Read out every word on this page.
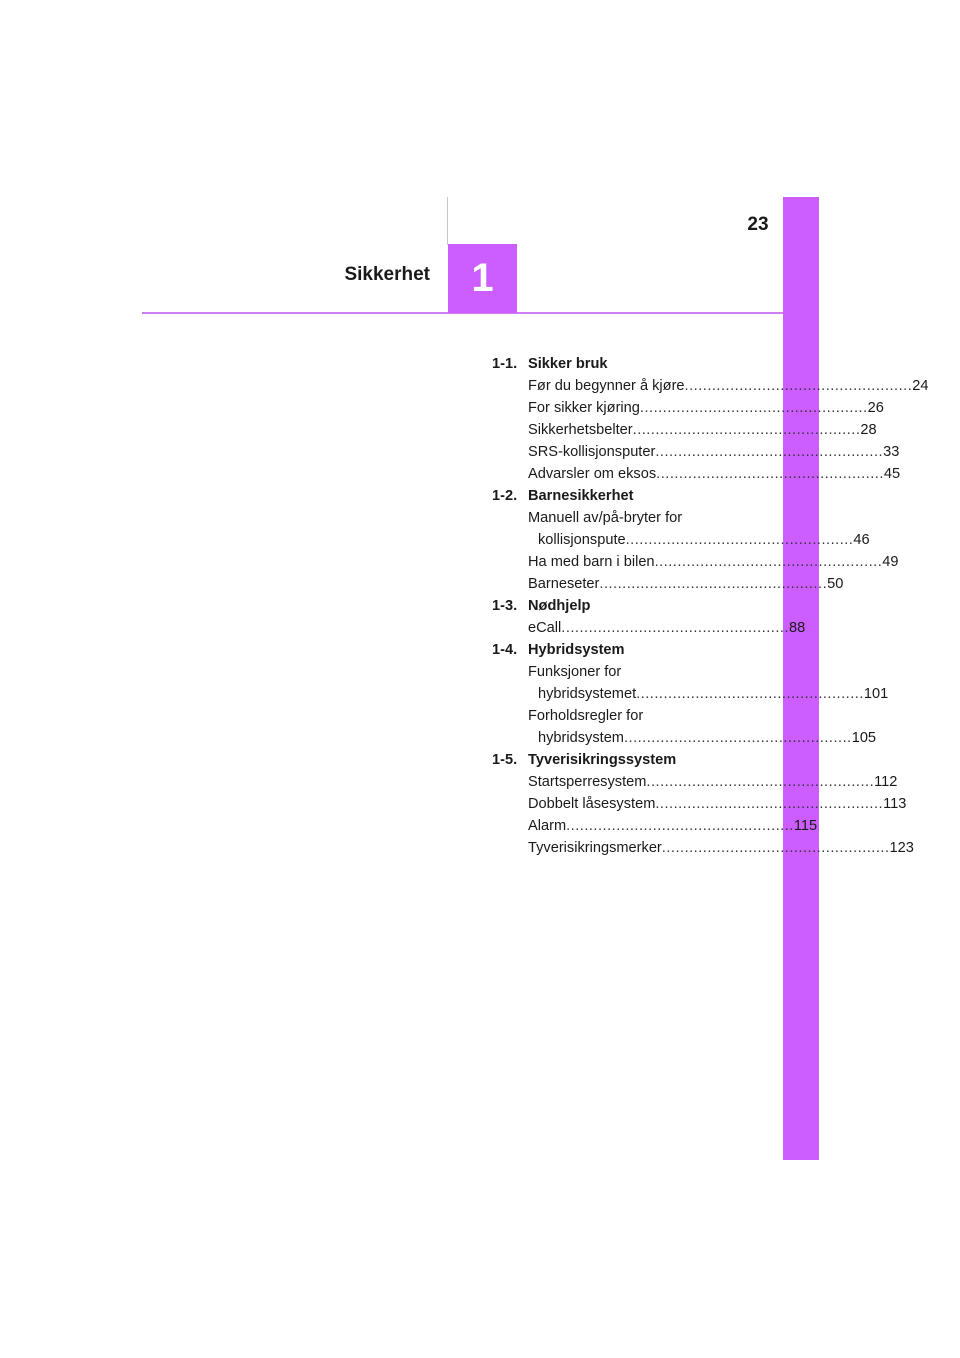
23
Sikkerhet 1
1-1. Sikker bruk
Før du begynner å kjøre .................................................. 24
For sikker kjøring .................................................. 26
Sikkerhetsbelter .................................................. 28
SRS-kollisjonsputer .................................................. 33
Advarsler om eksos .................................................. 45
1-2. Barnesikkerhet
Manuell av/på-bryter for
kollisjonspute .................................................. 46
Ha med barn i bilen .................................................. 49
Barneseter .................................................. 50
1-3. Nødhjelp
eCall .................................................. 88
1-4. Hybridsystem
Funksjoner for
hybridsystemet .................................................. 101
Forholdsregler for
hybridsystem .................................................. 105
1-5. Tyverisikringssystem
Startsperresystem .................................................. 112
Dobbelt låsesystem .................................................. 113
Alarm .................................................. 115
Tyverisikringsmerker .................................................. 123
